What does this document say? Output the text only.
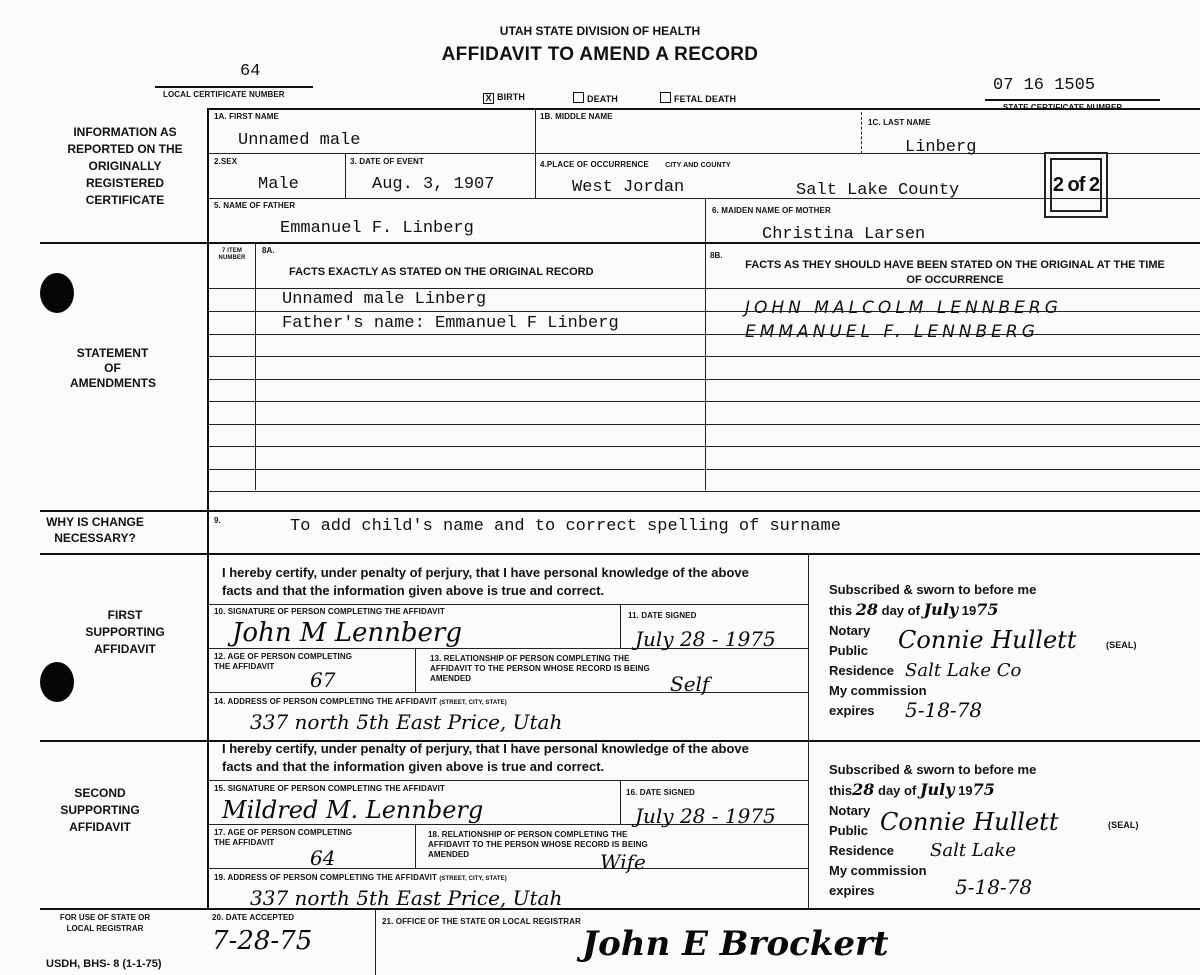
UTAH STATE DIVISION OF HEALTH
AFFIDAVIT TO AMEND A RECORD
64
LOCAL CERTIFICATE NUMBER	07 16 1505
STATE CERTIFICATE NUMBER
X BIRTH	DEATH	FETAL DEATH
INFORMATION AS REPORTED ON THE ORIGINALLY REGISTERED CERTIFICATE
STATEMENT OF AMENDMENTS
WHY IS CHANGE NECESSARY?
FIRST SUPPORTING AFFIDAVIT
SECOND SUPPORTING AFFIDAVIT
FOR USE OF STATE OR LOCAL REGISTRAR
1A. FIRST NAME
Unnamed male
1B. MIDDLE NAME
1C. LAST NAME
Linberg
2.SEX
Male
3. DATE OF EVENT
Aug. 3, 1907
4.PLACE OF OCCURRENCE CITY AND COUNTY
West Jordan	Salt Lake County	2 of 2
5. NAME OF FATHER
Emmanuel F. Linberg
6. MAIDEN NAME OF MOTHER
Christina Larsen
7 ITEM NUMBER
8A.
FACTS EXACTLY AS STATED ON THE ORIGINAL RECORD
8B.
FACTS AS THEY SHOULD HAVE BEEN STATED ON THE ORIGINAL AT THE TIME OF OCCURRENCE
Unnamed male Linberg	JOHN MALCOLM LENNBERG
Father's name: Emmanuel F Linberg	EMMANUEL F. LENNBERG
9.	To add child's name and to correct spelling of surname
I hereby certify, under penalty of perjury, that I have personal knowledge of the above facts and that the information given above is true and correct.
10. SIGNATURE OF PERSON COMPLETING THE AFFIDAVIT
John M Lennberg
11. DATE SIGNED
July 28 - 1975
12. AGE OF PERSON COMPLETING THE AFFIDAVIT
67
13. RELATIONSHIP OF PERSON COMPLETING THE AFFIDAVIT TO THE PERSON WHOSE RECORD IS BEING AMENDED	Self
14. ADDRESS OF PERSON COMPLETING THE AFFIDAVIT (STREET, CITY, STATE)
337 north 5th East Price, Utah
Subscribed & sworn to before me
this 28 day of July 1975
Notary Public
Residence
My commission expires
Connie Hullett	(SEAL)
Salt Lake Co
5-18-78
I hereby certify, under penalty of perjury, that I have personal knowledge of the above facts and that the information given above is true and correct.
15. SIGNATURE OF PERSON COMPLETING THE AFFIDAVIT
Mildred M. Lennberg
16. DATE SIGNED
July 28 - 1975
17. AGE OF PERSON COMPLETING THE AFFIDAVIT
64
18. RELATIONSHIP OF PERSON COMPLETING THE AFFIDAVIT TO THE PERSON WHOSE RECORD IS BEING AMENDED	Wife
19. ADDRESS OF PERSON COMPLETING THE AFFIDAVIT (STREET, CITY, STATE)
337 north 5th East Price, Utah
Subscribed & sworn to before me
this28 day of July 1975
Notary Public
Residence
My commission expires
Connie Hullett	(SEAL)
Salt Lake
5-18-78
20. DATE ACCEPTED
7-28-75
21. OFFICE OF THE STATE OR LOCAL REGISTRAR
John E Brockert
USDH, BHS- 8 (1-1-75)
